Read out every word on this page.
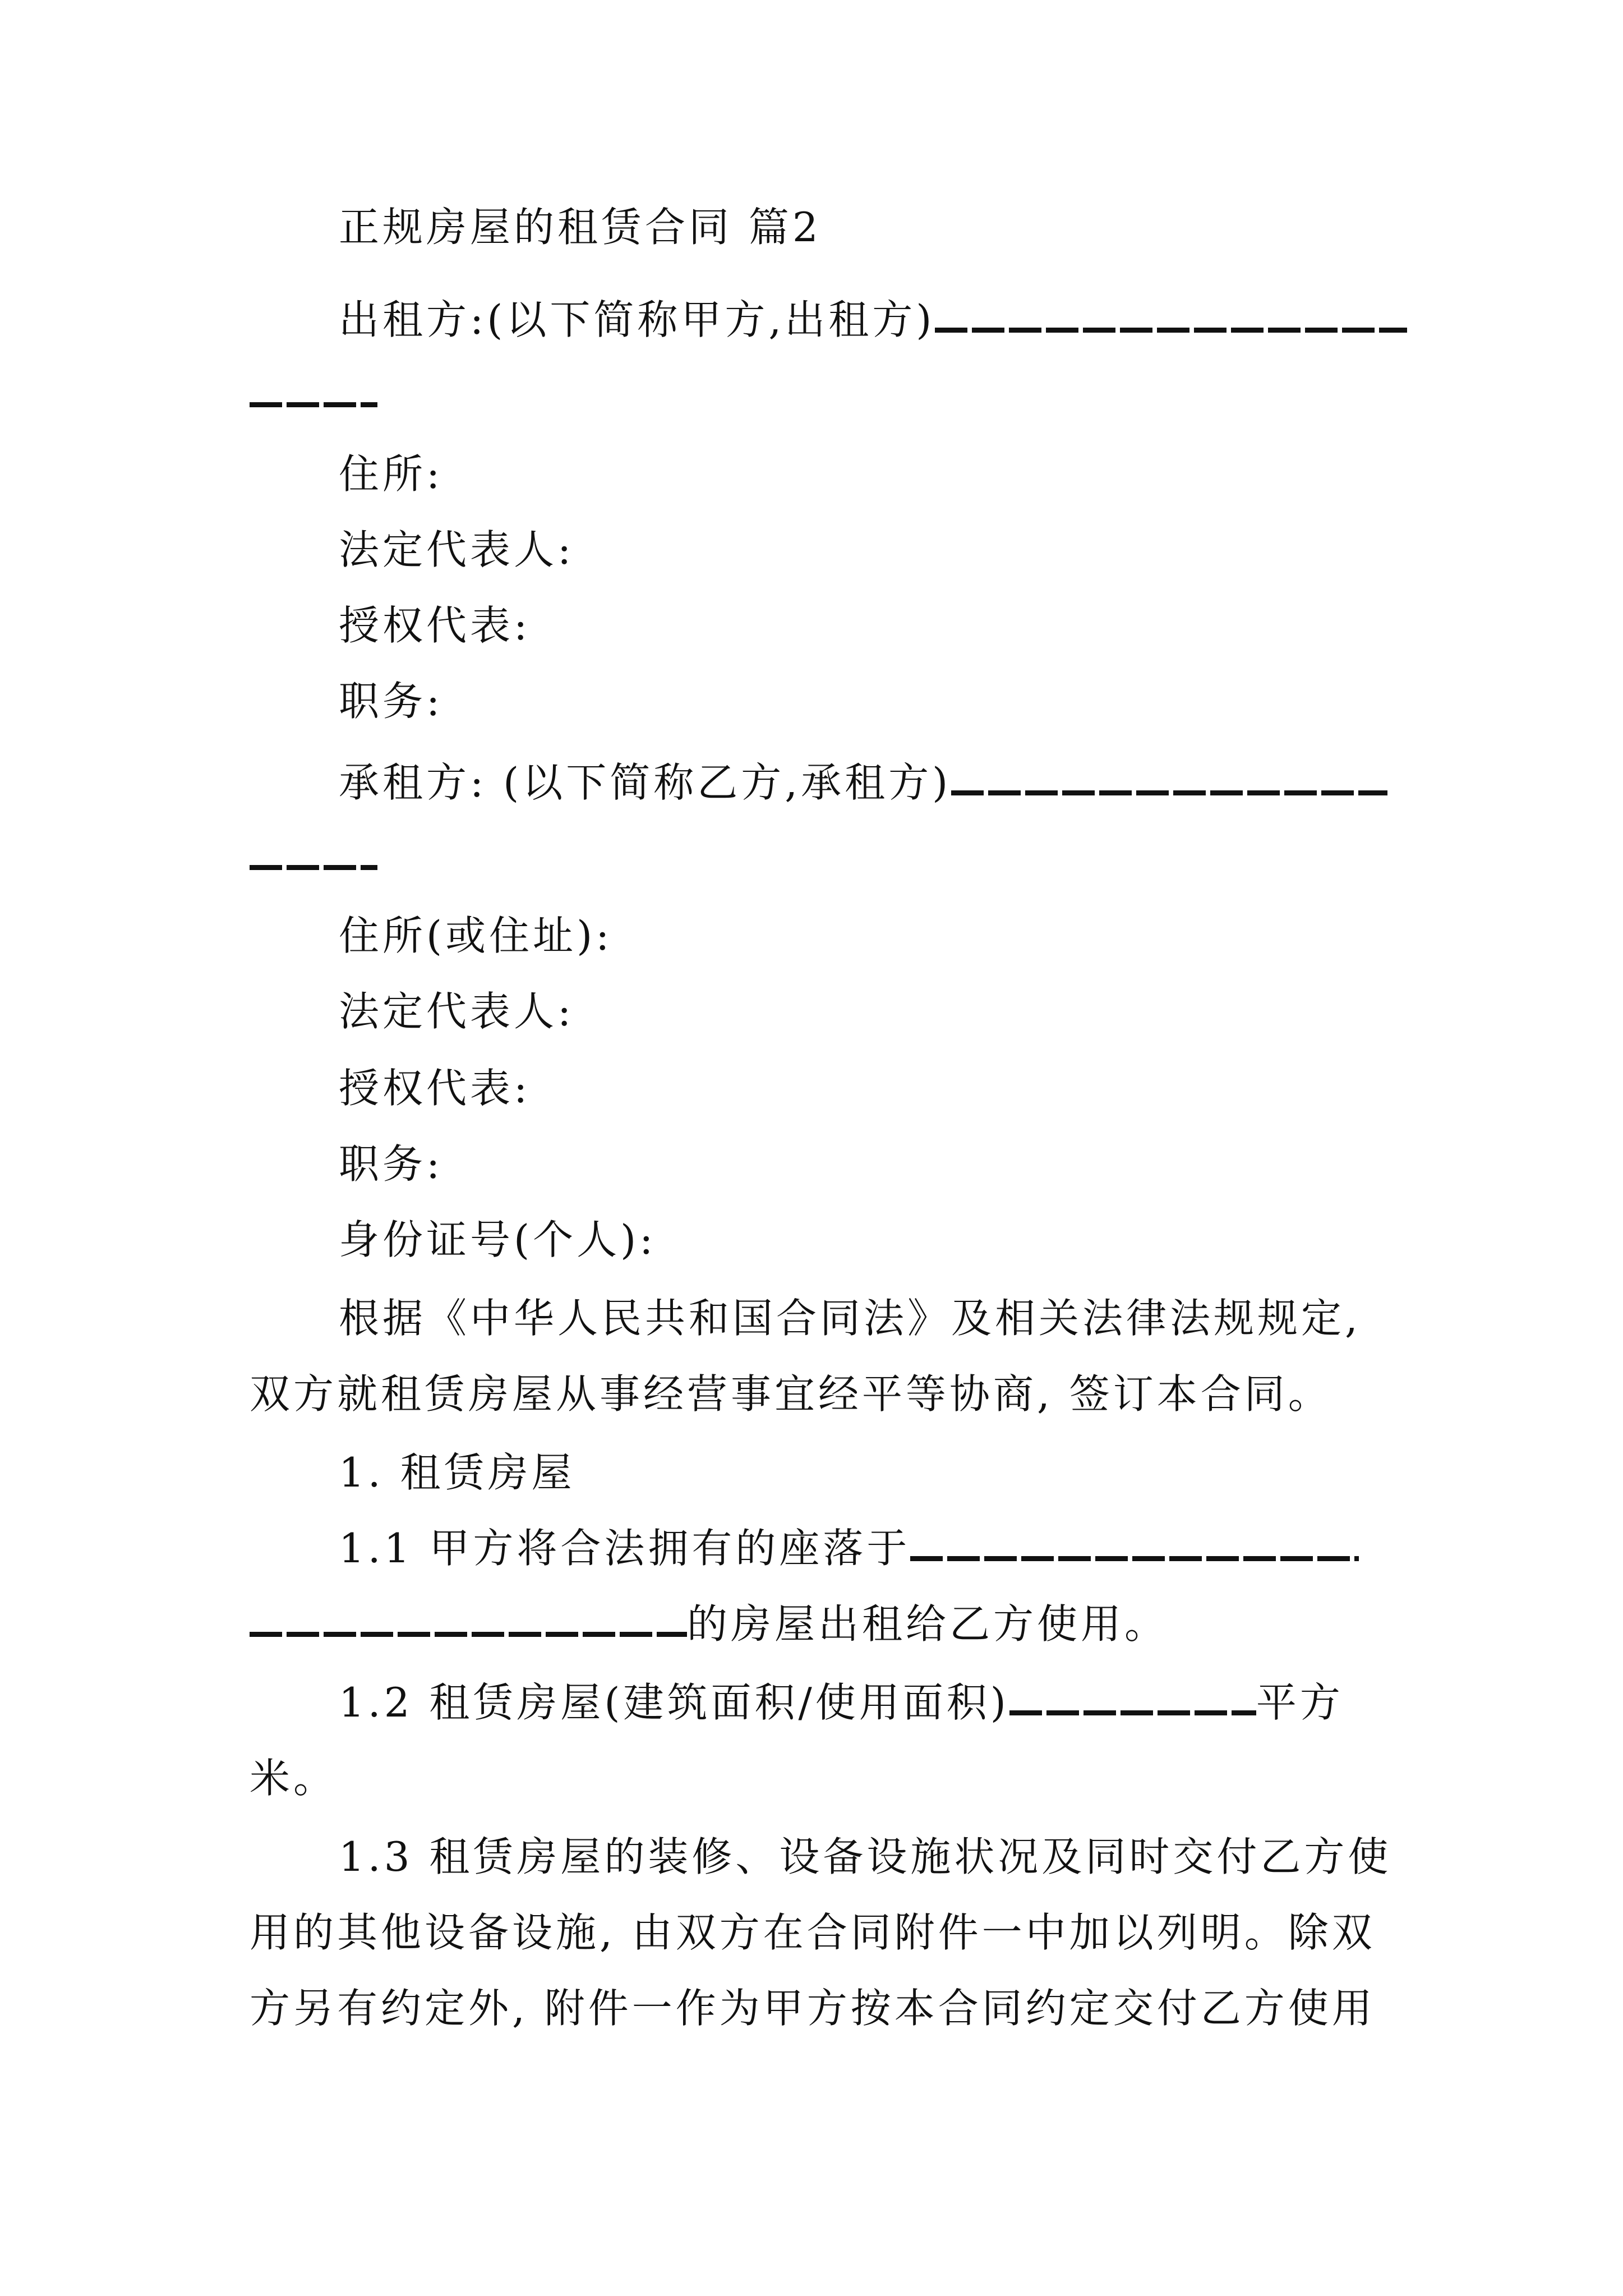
正规房屋的租赁合同 篇2
出租方:(以下简称甲方,出租方)
住所:
法定代表人:
授权代表:
职务:
承租方: (以下简称乙方,承租方)
住所(或住址):
法定代表人:
授权代表:
职务:
身份证号(个人):
根据《中华人民共和国合同法》及相关法律法规规定,
双方就租赁房屋从事经营事宜经平等协商, 签订本合同。
1. 租赁房屋
1.1 甲方将合法拥有的座落于
的房屋出租给乙方使用。
1.2 租赁房屋(建筑面积/使用面积)	平方
米。
1.3 租赁房屋的装修、设备设施状况及同时交付乙方使
用的其他设备设施, 由双方在合同附件一中加以列明。除双
方另有约定外, 附件一作为甲方按本合同约定交付乙方使用
